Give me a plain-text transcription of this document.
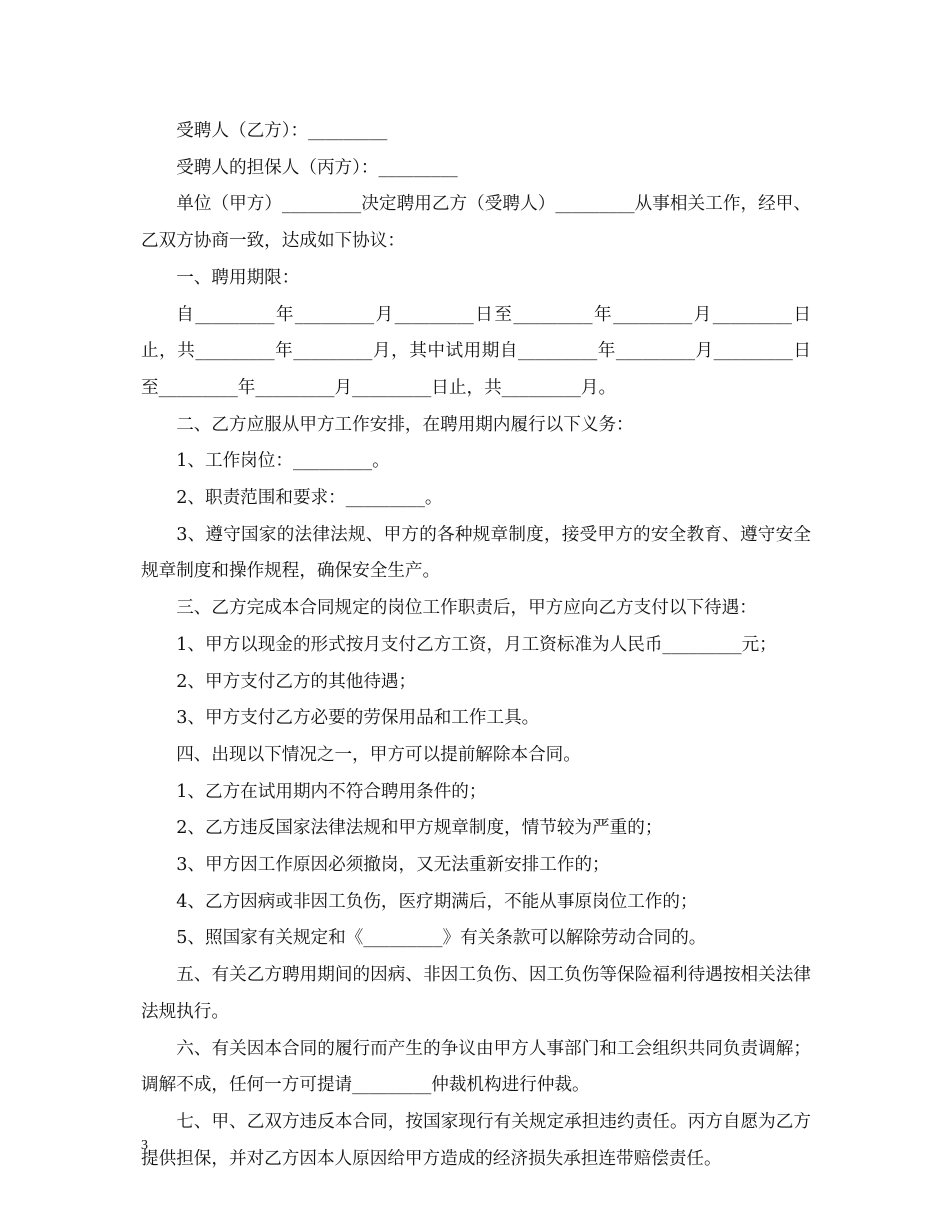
受聘人（乙方）：_________

受聘人的担保人（丙方）：_________

单位（甲方）_________决定聘用乙方（受聘人）_________从事相关工作，经甲、乙双方协商一致，达成如下协议：

一、聘用期限：

自_________年_________月_________日至_________年_________月_________日止，共_________年_________月，其中试用期自_________年_________月_________日至_________年_________月_________日止，共_________月。

二、乙方应服从甲方工作安排，在聘用期内履行以下义务：

1、工作岗位：_________。

2、职责范围和要求：_________。

3、遵守国家的法律法规、甲方的各种规章制度，接受甲方的安全教育、遵守安全规章制度和操作规程，确保安全生产。

三、乙方完成本合同规定的岗位工作职责后，甲方应向乙方支付以下待遇：

1、甲方以现金的形式按月支付乙方工资，月工资标准为人民币_________元；

2、甲方支付乙方的其他待遇；

3、甲方支付乙方必要的劳保用品和工作工具。

四、出现以下情况之一，甲方可以提前解除本合同。

1、乙方在试用期内不符合聘用条件的；

2、乙方违反国家法律法规和甲方规章制度，情节较为严重的；

3、甲方因工作原因必须撤岗，又无法重新安排工作的；

4、乙方因病或非因工负伤，医疗期满后，不能从事原岗位工作的；

5、照国家有关规定和《_________》有关条款可以解除劳动合同的。

五、有关乙方聘用期间的因病、非因工负伤、因工负伤等保险福利待遇按相关法律法规执行。

六、有关因本合同的履行而产生的争议由甲方人事部门和工会组织共同负责调解；调解不成，任何一方可提请_________仲裁机构进行仲裁。

七、甲、乙双方违反本合同，按国家现行有关规定承担违约责任。丙方自愿为乙方提供担保，并对乙方因本人原因给甲方造成的经济损失承担连带赔偿责任。

3
